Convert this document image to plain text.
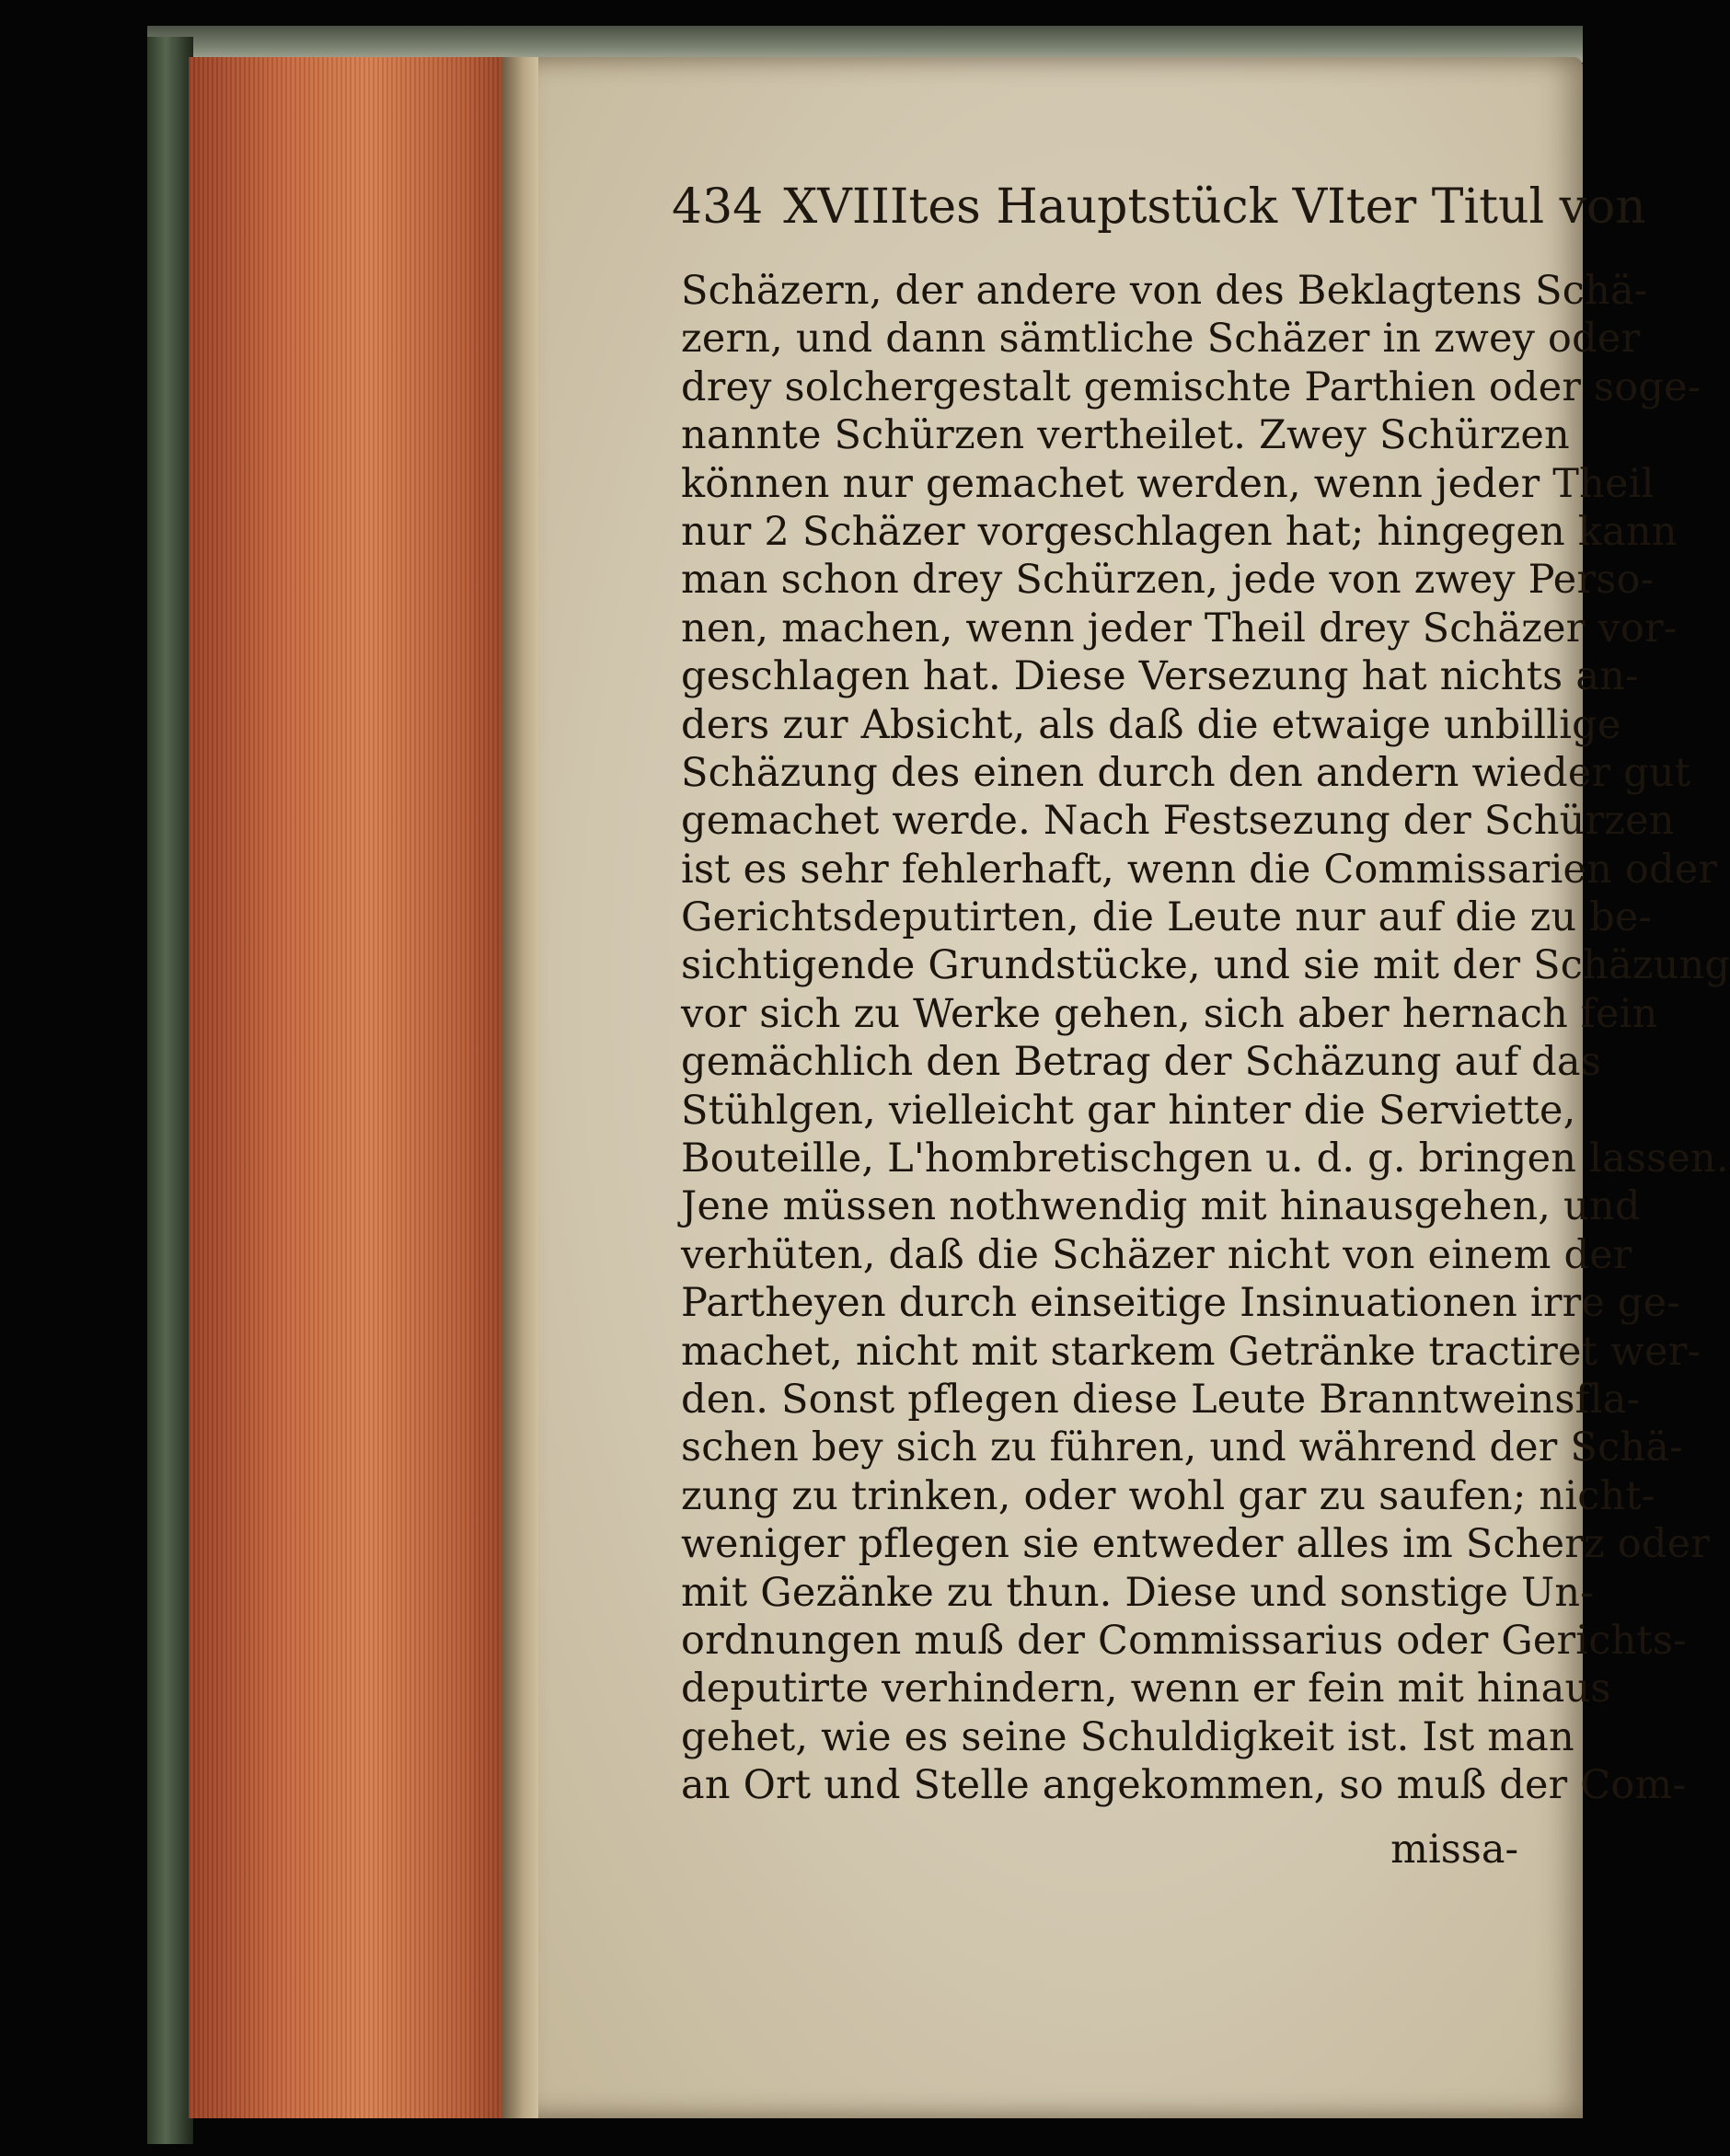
434 XVIIItes Hauptstück VIter Titul von
Schäzern, der andere von des Beklagtens Schä-
zern, und dann sämtliche Schäzer in zwey oder
drey solchergestalt gemischte Parthien oder soge-
nannte Schürzen vertheilet. Zwey Schürzen
können nur gemachet werden, wenn jeder Theil
nur 2 Schäzer vorgeschlagen hat; hingegen kann
man schon drey Schürzen, jede von zwey Perso-
nen, machen, wenn jeder Theil drey Schäzer vor-
geschlagen hat. Diese Versezung hat nichts an-
ders zur Absicht, als daß die etwaige unbillige
Schäzung des einen durch den andern wieder gut
gemachet werde. Nach Festsezung der Schürzen
ist es sehr fehlerhaft, wenn die Commissarien oder
Gerichtsdeputirten, die Leute nur auf die zu be-
sichtigende Grundstücke, und sie mit der Schäzung
vor sich zu Werke gehen, sich aber hernach fein
gemächlich den Betrag der Schäzung auf das
Stühlgen, vielleicht gar hinter die Serviette,
Bouteille, L'hombretischgen u. d. g. bringen lassen.
Jene müssen nothwendig mit hinausgehen, und
verhüten, daß die Schäzer nicht von einem der
Partheyen durch einseitige Insinuationen irre ge-
machet, nicht mit starkem Getränke tractiret wer-
den. Sonst pflegen diese Leute Branntweinsfla-
schen bey sich zu führen, und während der Schä-
zung zu trinken, oder wohl gar zu saufen; nicht-
weniger pflegen sie entweder alles im Scherz oder
mit Gezänke zu thun. Diese und sonstige Un-
ordnungen muß der Commissarius oder Gerichts-
deputirte verhindern, wenn er fein mit hinaus
gehet, wie es seine Schuldigkeit ist. Ist man
an Ort und Stelle angekommen, so muß der Com-
missa-
